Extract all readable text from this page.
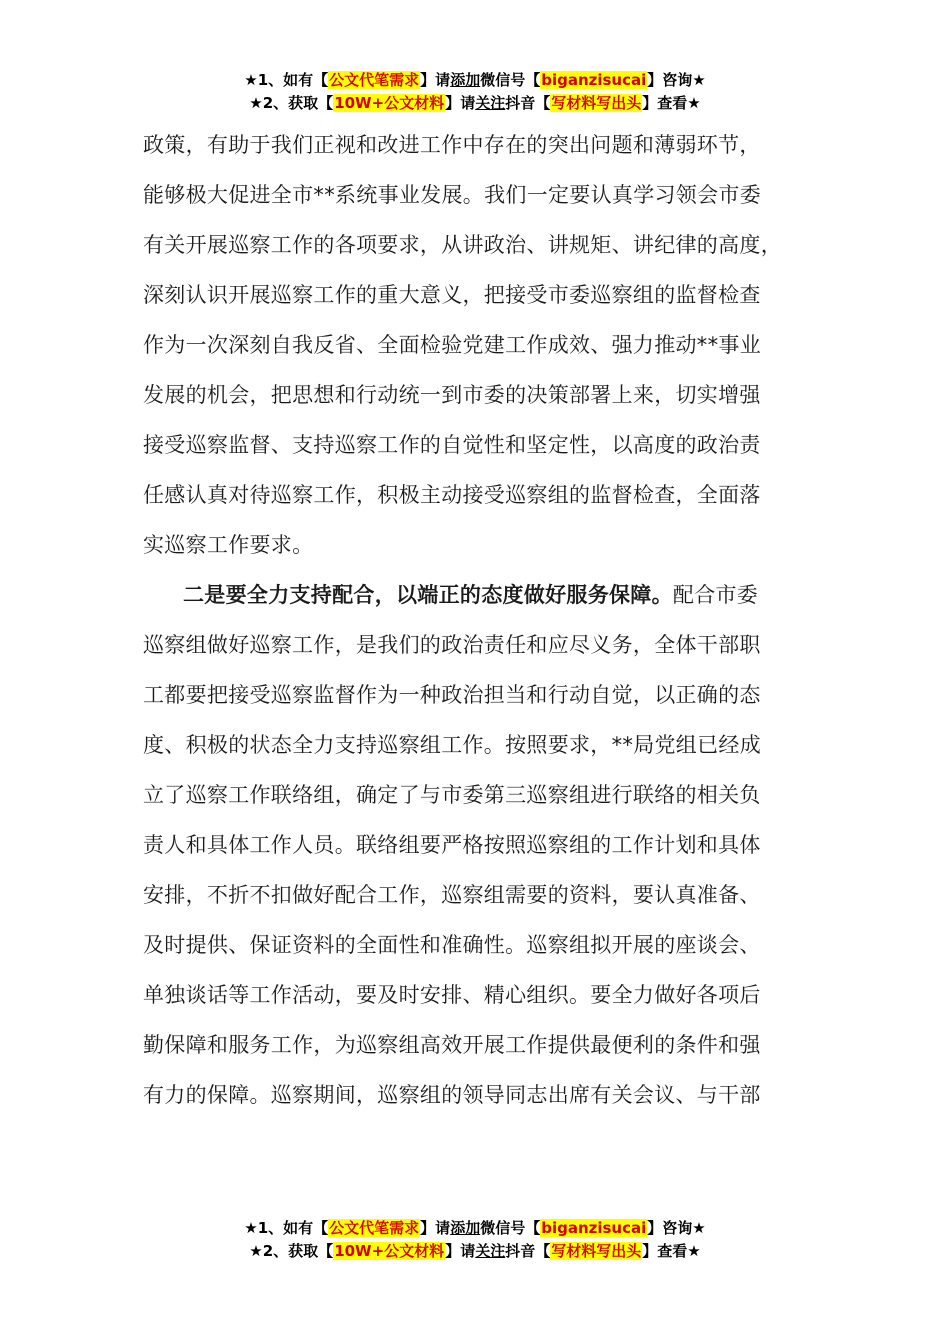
★1、如有【公文代笔需求】请添加微信号【biganzisucai】咨询★
★2、获取【10W+公文材料】请关注抖音【写材料写出头】查看★
政策，有助于我们正视和改进工作中存在的突出问题和薄弱环节，
能够极大促进全市**系统事业发展。我们一定要认真学习领会市委
有关开展巡察工作的各项要求，从讲政治、讲规矩、讲纪律的高度，
深刻认识开展巡察工作的重大意义，把接受市委巡察组的监督检查
作为一次深刻自我反省、全面检验党建工作成效、强力推动**事业
发展的机会，把思想和行动统一到市委的决策部署上来，切实增强
接受巡察监督、支持巡察工作的自觉性和坚定性，以高度的政治责
任感认真对待巡察工作，积极主动接受巡察组的监督检查，全面落
实巡察工作要求。
二是要全力支持配合，以端正的态度做好服务保障。配合市委
巡察组做好巡察工作，是我们的政治责任和应尽义务，全体干部职
工都要把接受巡察监督作为一种政治担当和行动自觉，以正确的态
度、积极的状态全力支持巡察组工作。按照要求，**局党组已经成
立了巡察工作联络组，确定了与市委第三巡察组进行联络的相关负
责人和具体工作人员。联络组要严格按照巡察组的工作计划和具体
安排，不折不扣做好配合工作，巡察组需要的资料，要认真准备、
及时提供、保证资料的全面性和准确性。巡察组拟开展的座谈会、
单独谈话等工作活动，要及时安排、精心组织。要全力做好各项后
勤保障和服务工作，为巡察组高效开展工作提供最便利的条件和强
有力的保障。巡察期间，巡察组的领导同志出席有关会议、与干部
★1、如有【公文代笔需求】请添加微信号【biganzisucai】咨询★
★2、获取【10W+公文材料】请关注抖音【写材料写出头】查看★
